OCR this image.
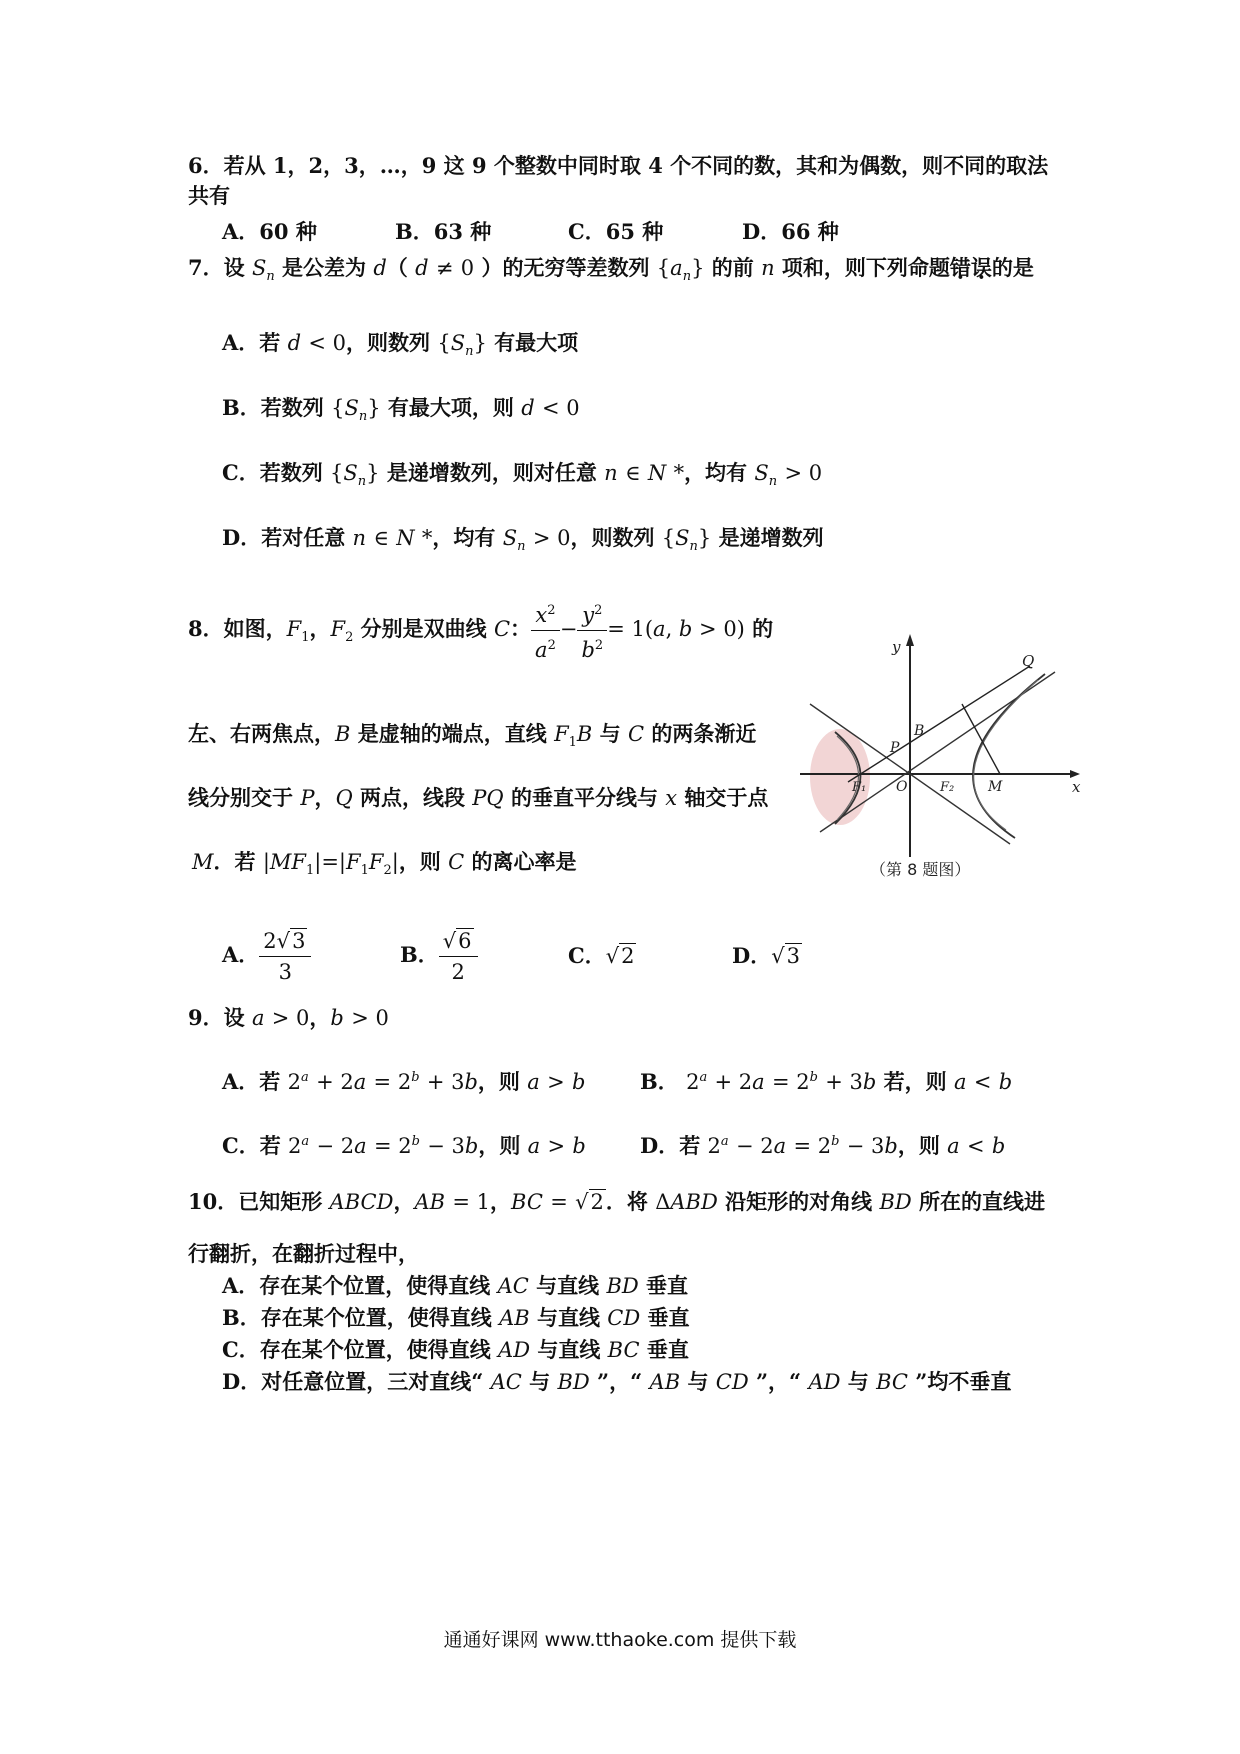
6．若从 1，2，3，…，9 这 9 个整数中同时取 4 个不同的数，其和为偶数，则不同的取法
共有
A．60 种	B．63 种	C．65 种	D．66 种
7．设 $S_n$ 是公差为 d（ d ≠ 0 ）的无穷等差数列 $\{a_n\}$ 的前 n 项和，则下列命题错误的是
A．若 d < 0，则数列 $\{S_n\}$ 有最大项
B．若数列 $\{S_n\}$ 有最大项，则 d < 0
C．若数列 $\{S_n\}$ 是递增数列，则对任意 n ∈ N *，均有 $S_n > 0$
D．若对任意 n ∈ N *，均有 $S_n > 0$，则数列 $\{S_n\}$ 是递增数列
8．如图，$F_1$，$F_2$ 分别是双曲线 C： $\frac{x^2}{a^2} - \frac{y^2}{b^2} = 1(a$, b > 0) 的
左、右两焦点，B 是虚轴的端点，直线 $F_1B$ 与 C 的两条渐近
线分别交于 P，Q 两点，线段 PQ 的垂直平分线与 x 轴交于点
M．若 $|MF_1|=|F_1F_2|$，则 C 的离心率是
y
x
Q
B
P
O
F₁	F₂ M
（第 8 题图）
A． $\frac{2√3}{3}$	B． $\frac{√6}{2}$	C．√2	D．√3
9．设 a > 0，b > 0
A．若 $2^a + 2a = 2^b + 3b$，则 a > b	B． $2^a + 2a = 2^b + 3b$ 若，则 a < b
C．若 $2^a - 2a = 2^b - 3b$，则 a > b	D．若 $2^a - 2a = 2^b - 3b$，则 a < b
10．已知矩形 ABCD，AB = 1，BC = √2．将 ΔABD 沿矩形的对角线 BD 所在的直线进
行翻折，在翻折过程中，
A．存在某个位置，使得直线 AC 与直线 BD 垂直
B．存在某个位置，使得直线 AB 与直线 CD 垂直
C．存在某个位置，使得直线 AD 与直线 BC 垂直
D．对任意位置，三对直线“ AC 与 BD ”，“ AB 与 CD ”，“ AD 与 BC ”均不垂直
通通好课网 www.tthaoke.com 提供下载
